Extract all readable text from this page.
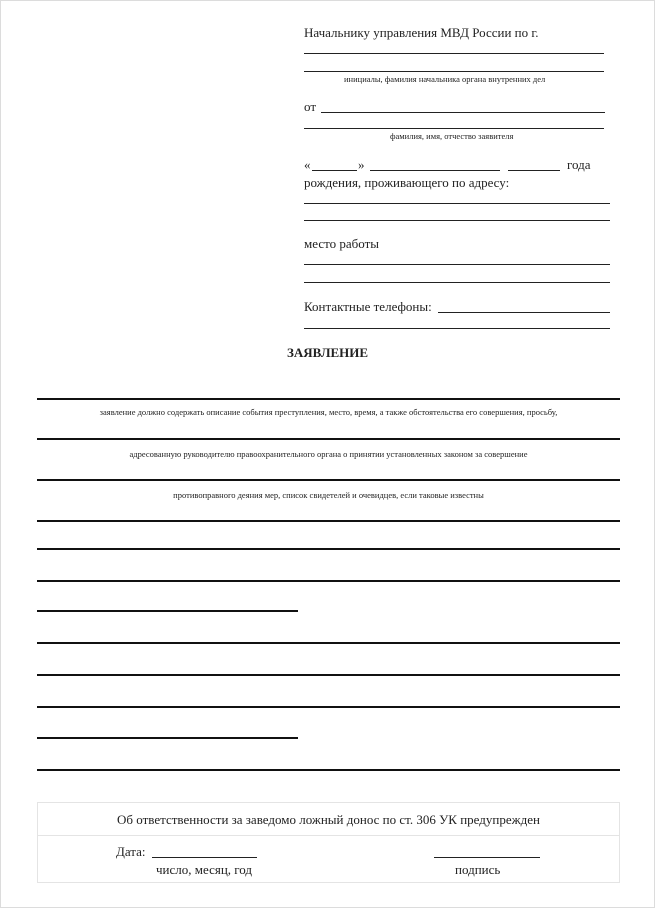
Начальнику управления МВД России по г.
инициалы, фамилия начальника органа внутренних дел
от
фамилия, имя, отчество заявителя
«	»	года
рождения, проживающего по адресу:
место работы
Контактные телефоны:
ЗАЯВЛЕНИЕ
заявление должно содержать описание события преступления, место, время, а также обстоятельства его совершения, просьбу,
адресованную руководителю правоохранительного органа о принятии установленных законом за совершение
противоправного деяния мер, список свидетелей и очевидцев, если таковые известны
Об ответственности за заведомо ложный донос по ст. 306 УК предупрежден
Дата:
число, месяц, год	подпись
